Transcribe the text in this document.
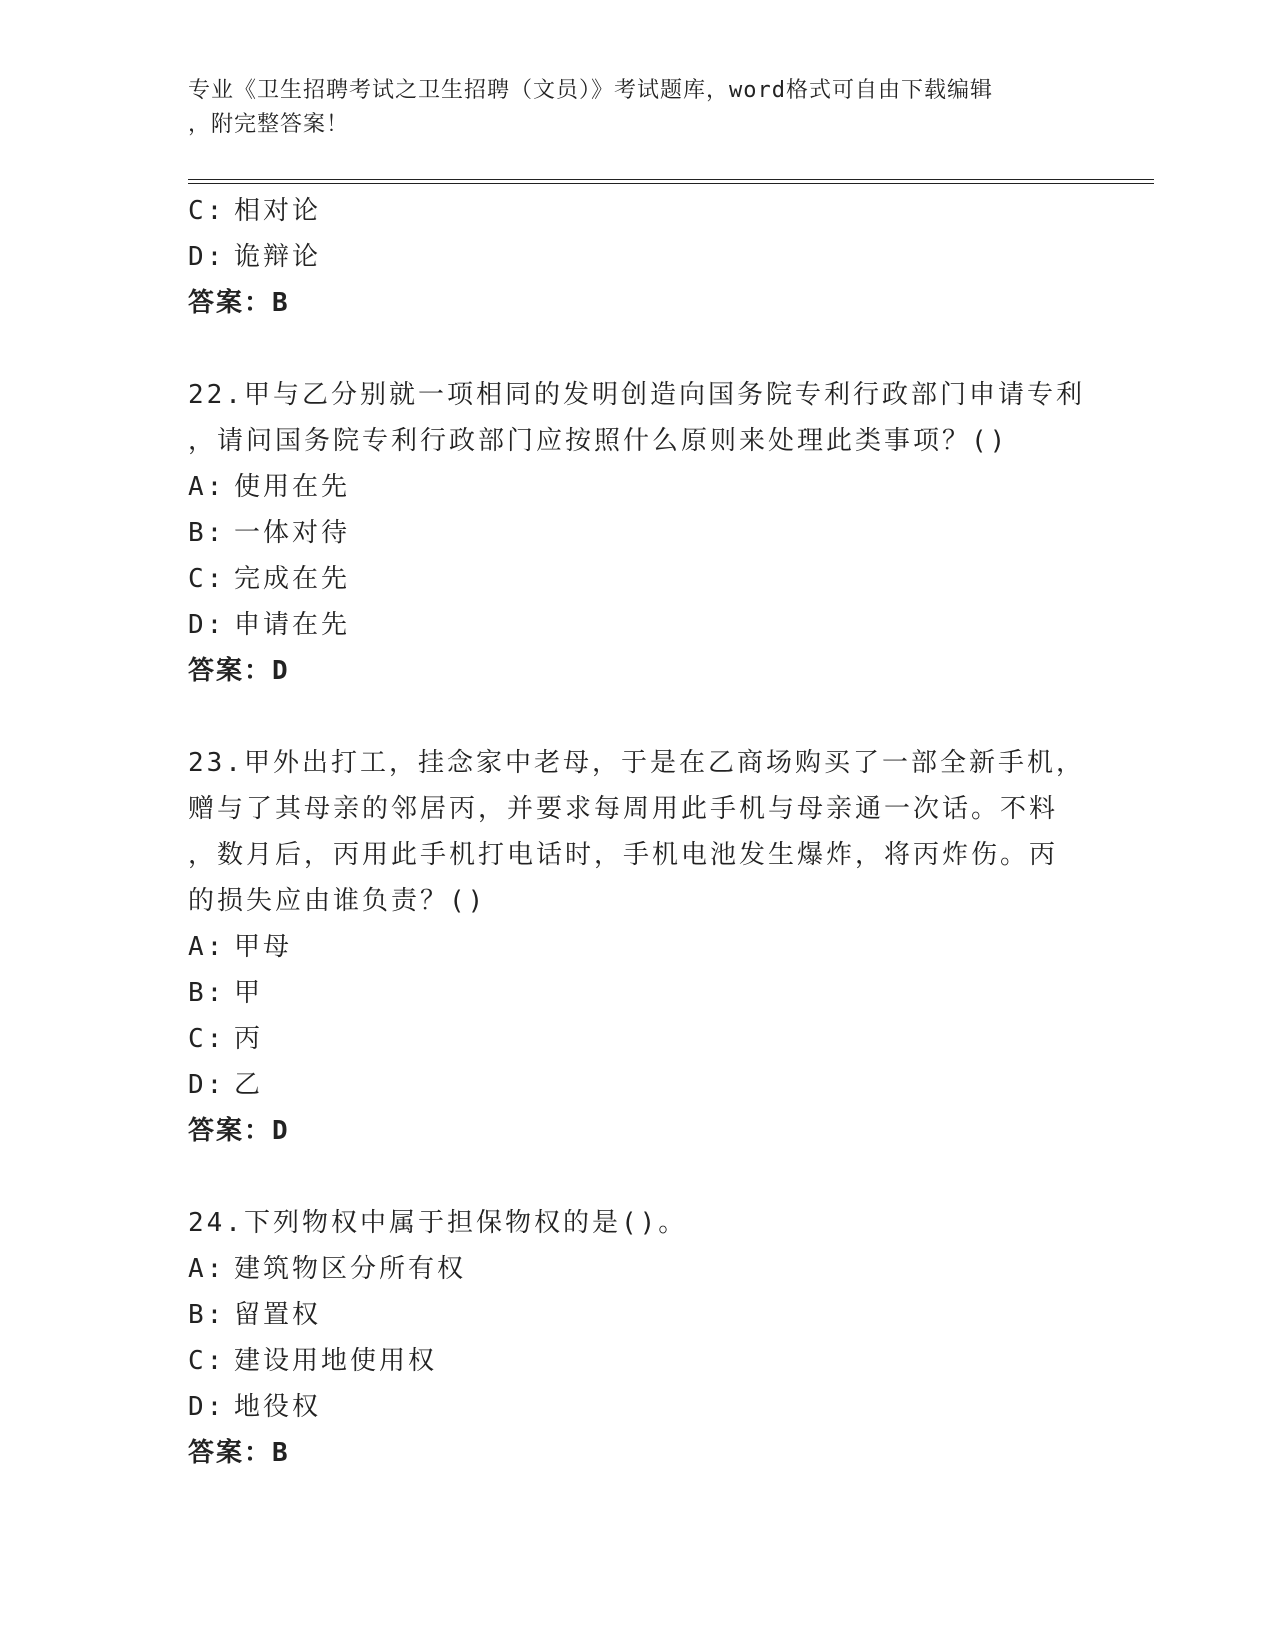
专业《卫生招聘考试之卫生招聘（文员）》考试题库，word格式可自由下载编辑
，附完整答案！
C: 相对论
D: 诡辩论
答案：B
22.甲与乙分别就一项相同的发明创造向国务院专利行政部门申请专利
，请问国务院专利行政部门应按照什么原则来处理此类事项？()
A: 使用在先
B: 一体对待
C: 完成在先
D: 申请在先
答案：D
23.甲外出打工，挂念家中老母，于是在乙商场购买了一部全新手机，
赠与了其母亲的邻居丙，并要求每周用此手机与母亲通一次话。不料
，数月后，丙用此手机打电话时，手机电池发生爆炸，将丙炸伤。丙
的损失应由谁负责？()
A: 甲母
B: 甲
C: 丙
D: 乙
答案：D
24.下列物权中属于担保物权的是()。
A: 建筑物区分所有权
B: 留置权
C: 建设用地使用权
D: 地役权
答案：B
